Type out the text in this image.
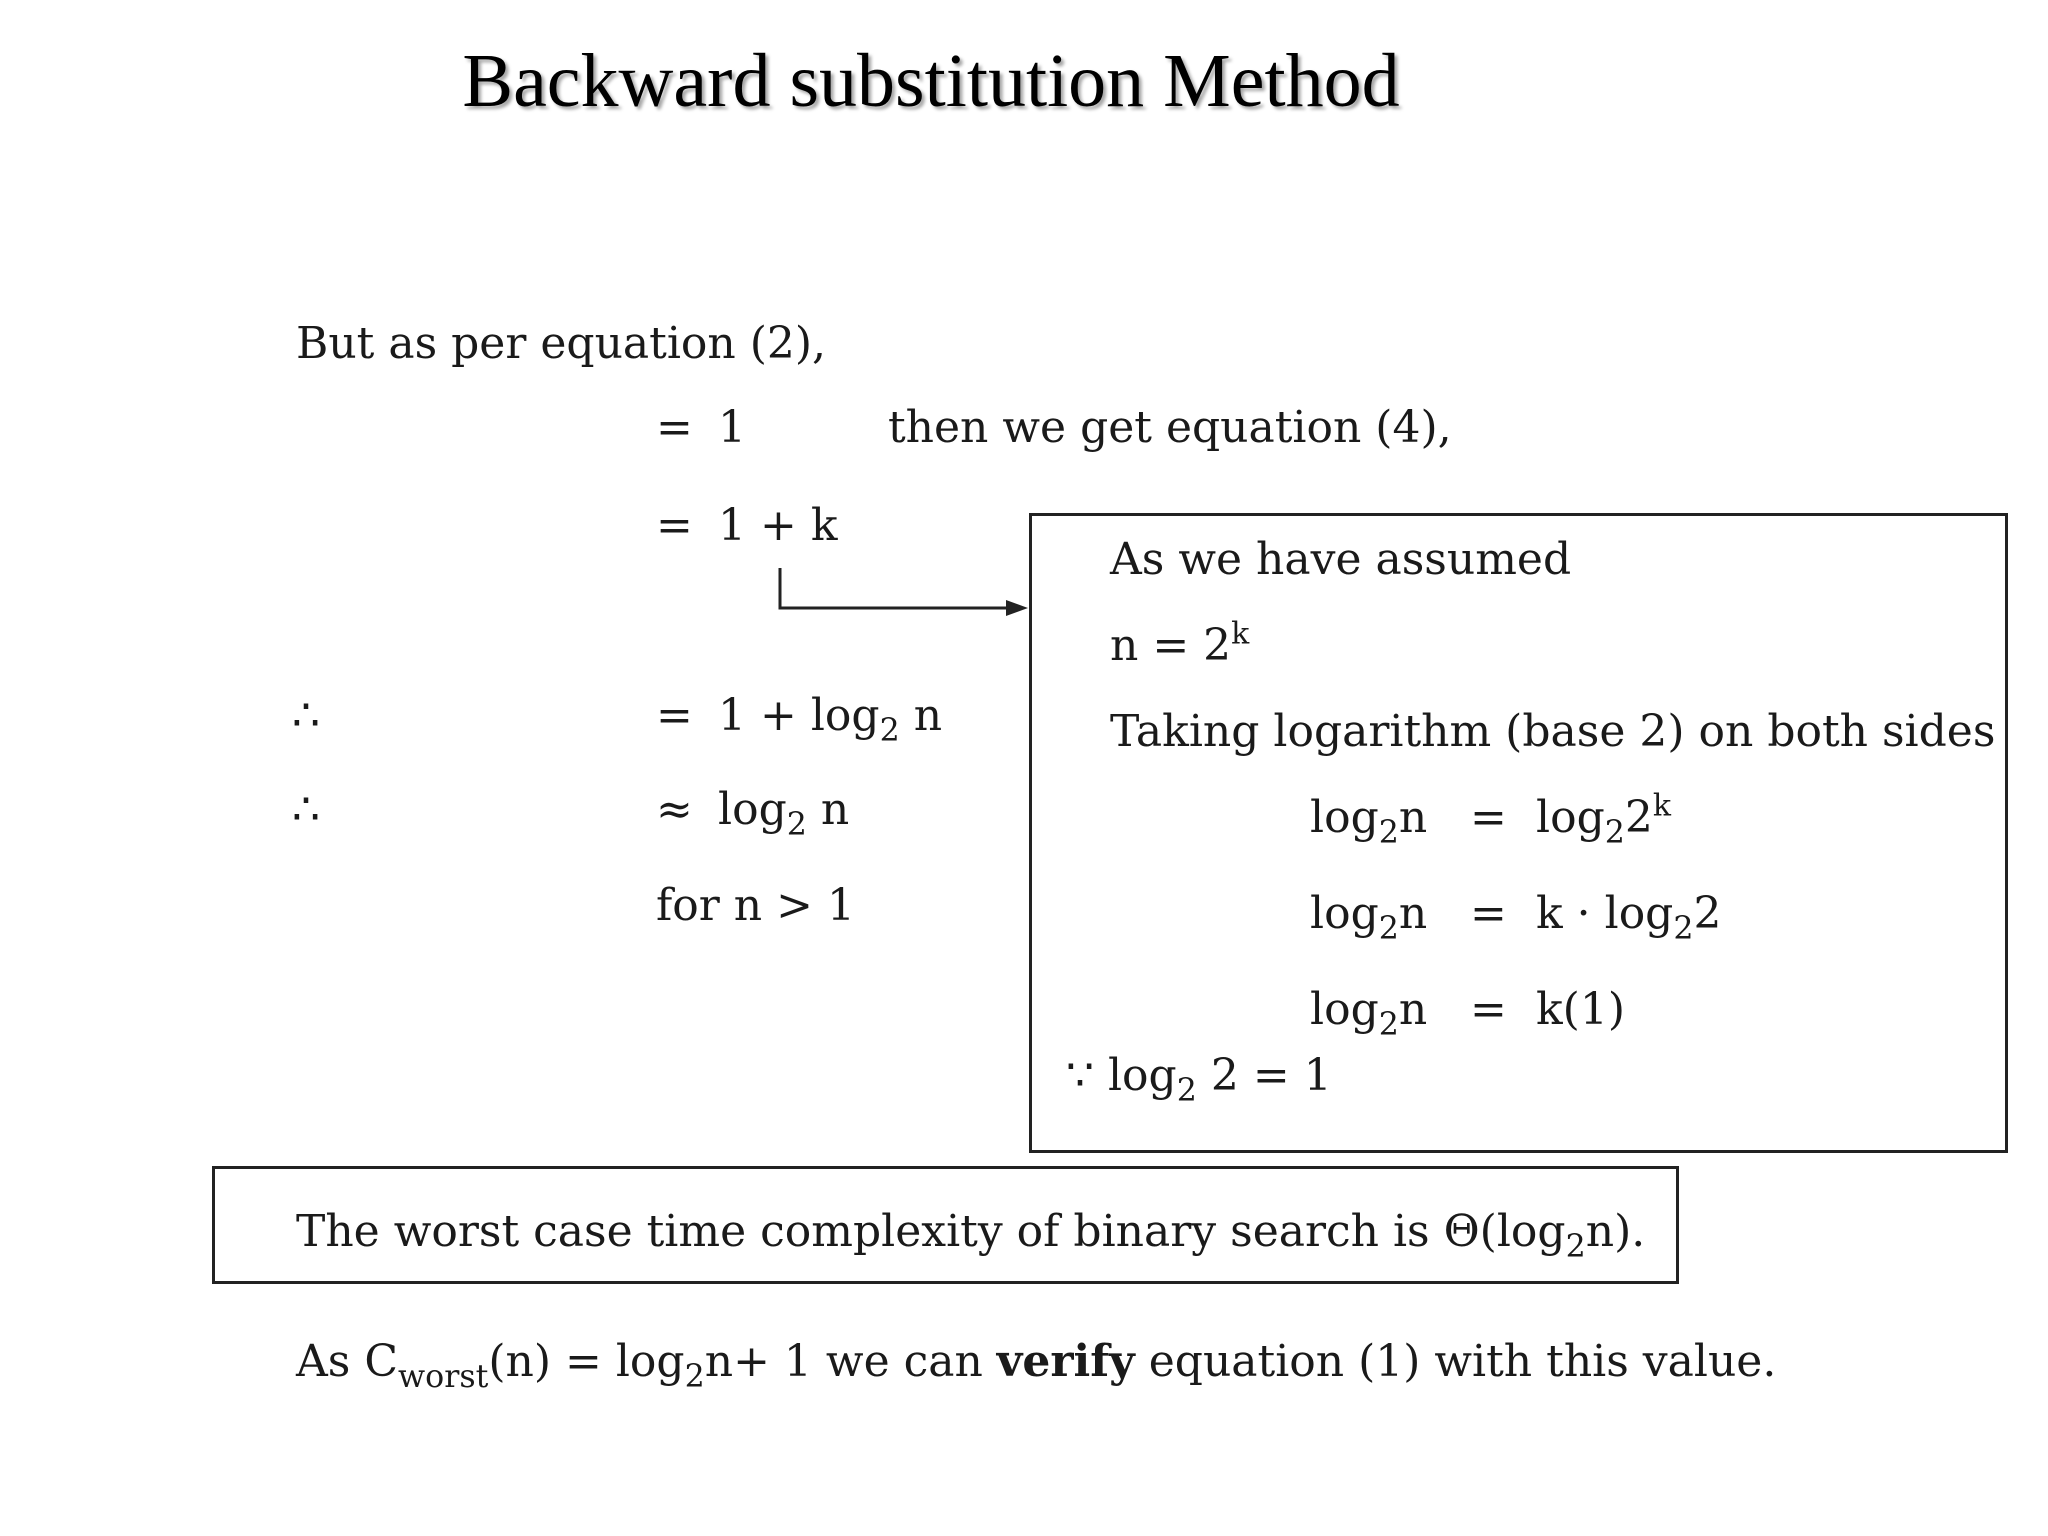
Backward substitution Method
But as per equation (2),
= 1	then we get equation (4),
= 1 + k
∴	= $1 + \log_2 n$
∴	≈ $\log_2 n$
for n > 1
As we have assumed
$n = 2^k$
Taking logarithm (base 2) on both sides
$\log_2n = \log_22^k$
$\log_2n = k \cdot \log_22$
$\log_2n = k(1)$
∵ $\log_2 2 = 1$
The worst case time complexity of binary search is $\Theta(\log_2n)$.
As $C_{worst}(n) = \log_2n+ 1$ we can verify equation (1) with this value.
